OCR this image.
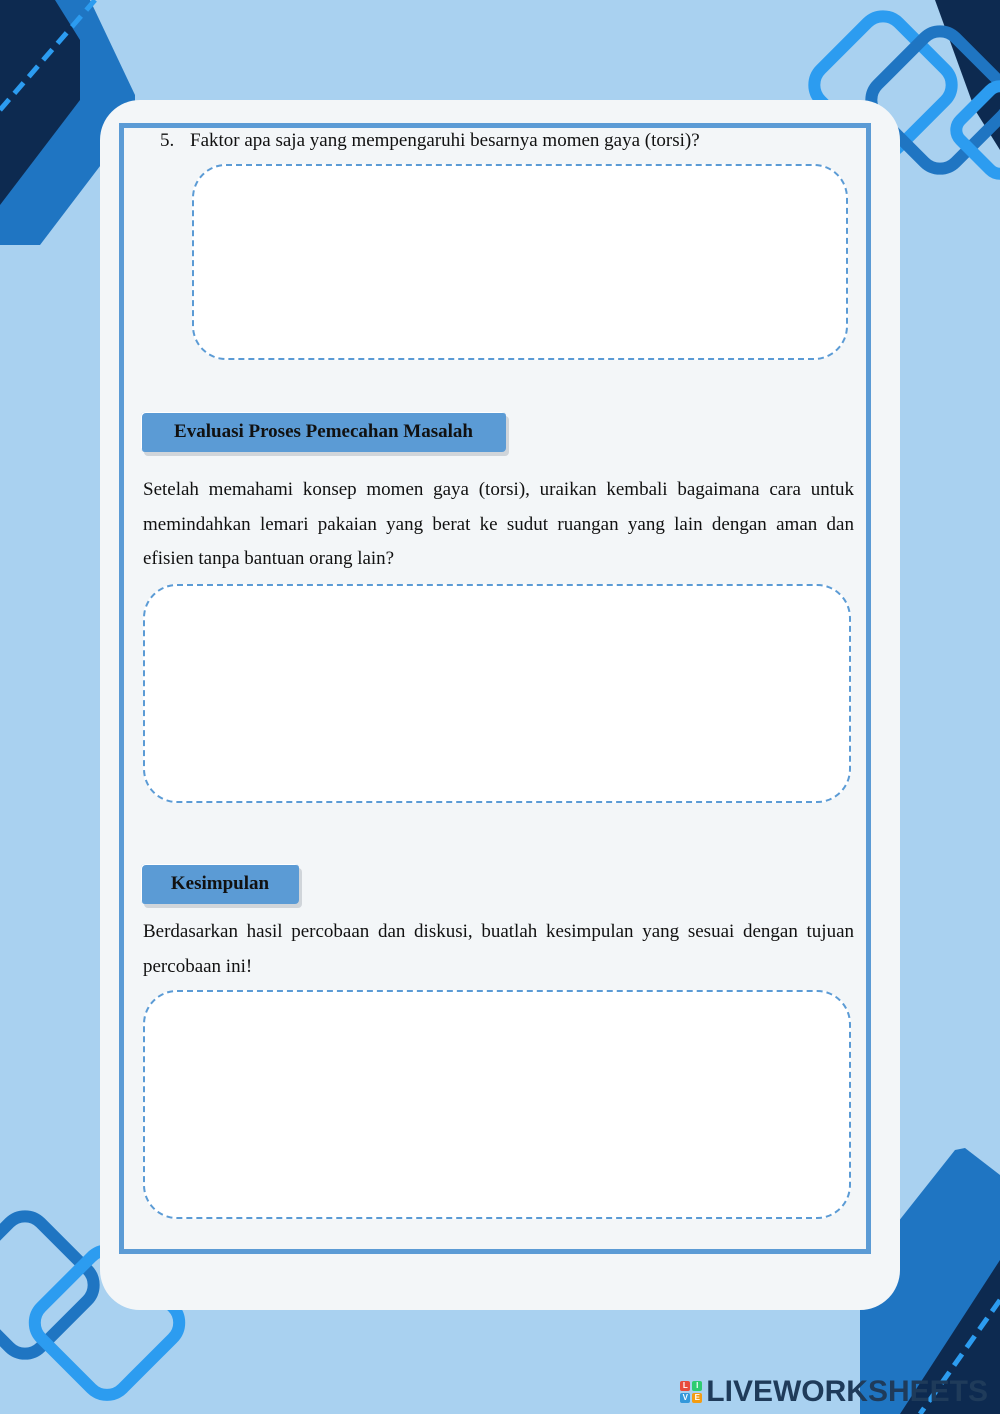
5. Faktor apa saja yang mempengaruhi besarnya momen gaya (torsi)?
Evaluasi Proses Pemecahan Masalah
Setelah memahami konsep momen gaya (torsi), uraikan kembali bagaimana cara untuk memindahkan lemari pakaian yang berat ke sudut ruangan yang lain dengan aman dan efisien tanpa bantuan orang lain?
Kesimpulan
Berdasarkan hasil percobaan dan diskusi, buatlah kesimpulan yang sesuai dengan tujuan percobaan ini!
L	I
V E LIVEWORKSHEETS
